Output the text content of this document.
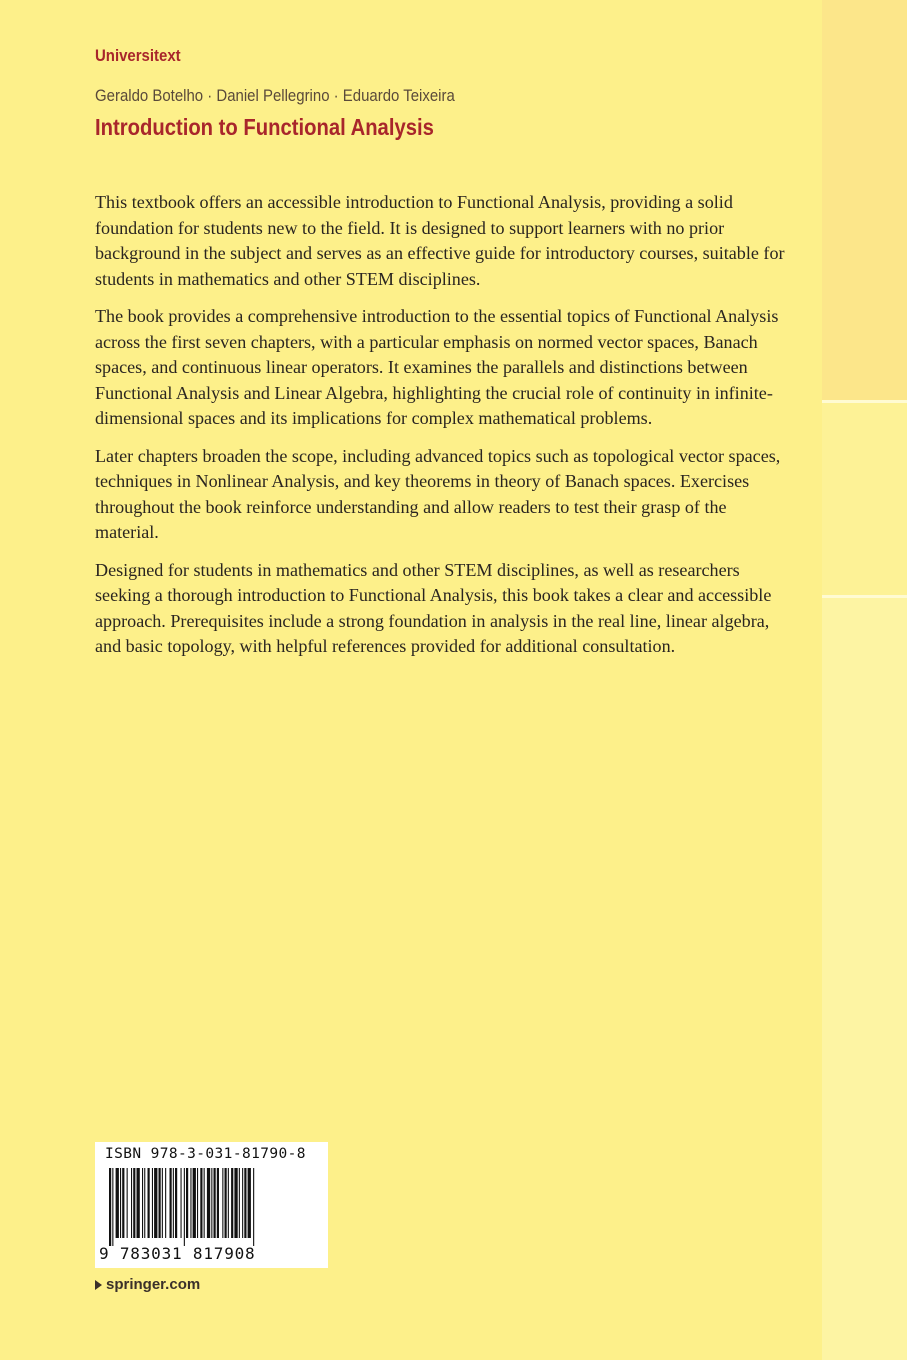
Universitext
Geraldo Botelho · Daniel Pellegrino · Eduardo Teixeira
Introduction to Functional Analysis

This textbook offers an accessible introduction to Functional Analysis, providing a solid foundation for students new to the field. It is designed to support learners with no prior background in the subject and serves as an effective guide for introductory courses, suitable for students in mathematics and other STEM disciplines.

The book provides a comprehensive introduction to the essential topics of Functional Analysis across the first seven chapters, with a particular emphasis on normed vector spaces, Banach spaces, and continuous linear operators. It examines the parallels and distinctions between Functional Analysis and Linear Algebra, highlighting the crucial role of continuity in infinite-dimensional spaces and its implications for complex mathematical problems.

Later chapters broaden the scope, including advanced topics such as topological vector spaces, techniques in Nonlinear Analysis, and key theorems in theory of Banach spaces. Exercises throughout the book reinforce understanding and allow readers to test their grasp of the material.

Designed for students in mathematics and other STEM disciplines, as well as researchers seeking a thorough introduction to Functional Analysis, this book takes a clear and accessible approach. Prerequisites include a strong foundation in analysis in the real line, linear algebra, and basic topology, with helpful references provided for additional consultation.

ISBN 978-3-031-81790-8
9 783031 817908
springer.com
